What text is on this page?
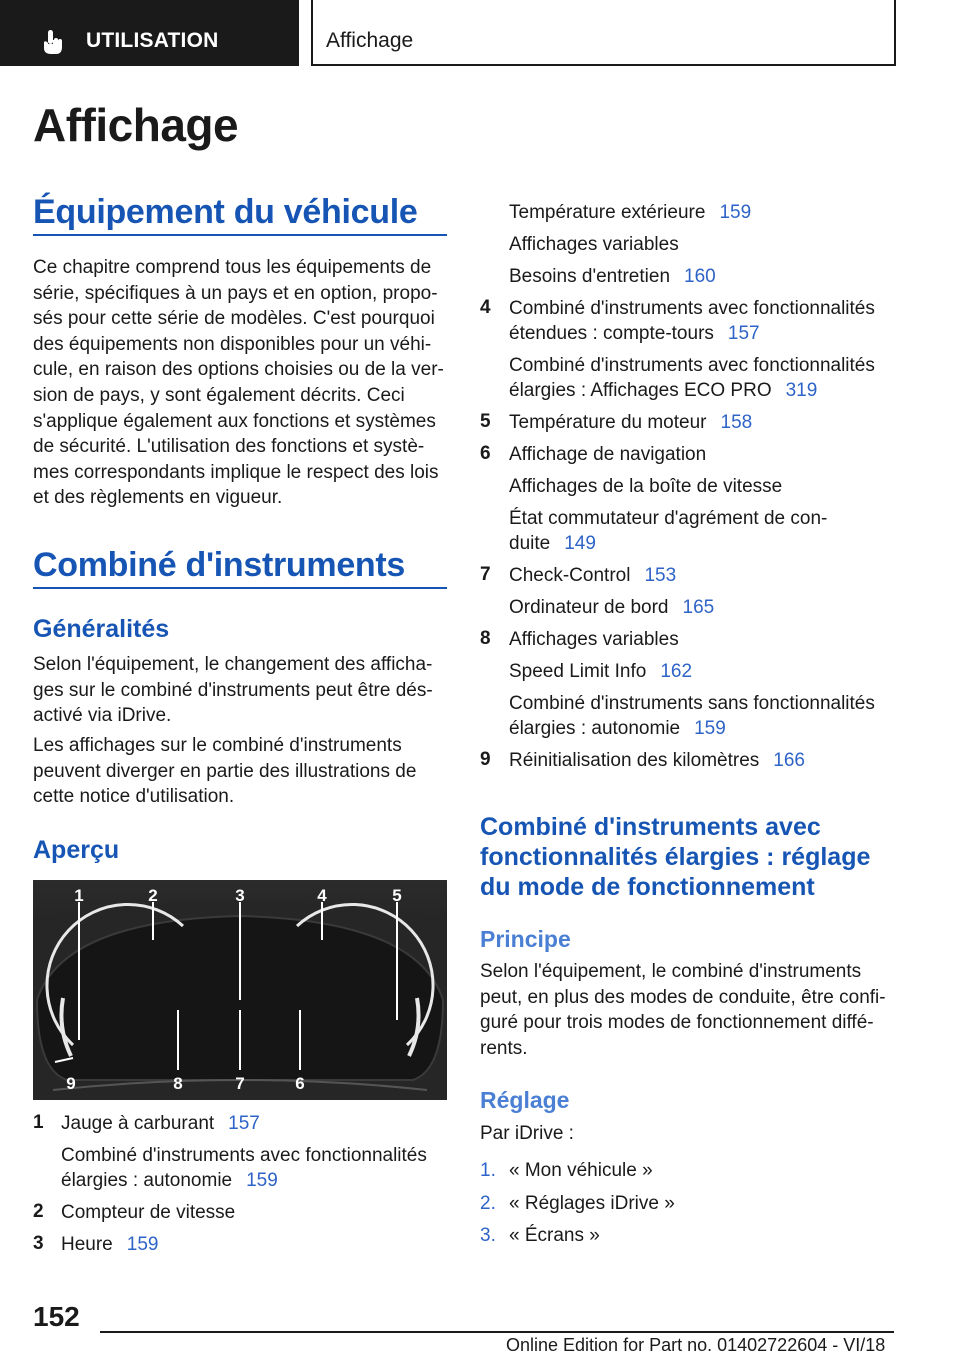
UTILISATION	Affichage
Affichage
Équipement du véhicule
Ce chapitre comprend tous les équipements de
série, spécifiques à un pays et en option, propo-
sés pour cette série de modèles. C'est pourquoi
des équipements non disponibles pour un véhi-
cule, en raison des options choisies ou de la ver-
sion de pays, y sont également décrits. Ceci
s'applique également aux fonctions et systèmes
de sécurité. L'utilisation des fonctions et systè-
mes correspondants implique le respect des lois
et des règlements en vigueur.
Combiné d'instruments
Généralités
Selon l'équipement, le changement des afficha-
ges sur le combiné d'instruments peut être dés-
activé via iDrive.
Les affichages sur le combiné d'instruments
peuvent diverger en partie des illustrations de
cette notice d'utilisation.
Aperçu
1	2	3	4	5
9	8	7	6
1 Jauge à carburant 157
Combiné d'instruments avec fonctionnalités
élargies : autonomie 159
2 Compteur de vitesse
3 Heure 159
Température extérieure 159
Affichages variables
Besoins d'entretien 160
4 Combiné d'instruments avec fonctionnalités
étendues : compte-tours 157
Combiné d'instruments avec fonctionnalités
élargies : Affichages ECO PRO 319
5 Température du moteur 158
6 Affichage de navigation
Affichages de la boîte de vitesse
État commutateur d'agrément de con-
duite 149
7 Check-Control 153
Ordinateur de bord 165
8 Affichages variables
Speed Limit Info 162
Combiné d'instruments sans fonctionnalités
élargies : autonomie 159
9 Réinitialisation des kilomètres 166
Combiné d'instruments avec
fonctionnalités élargies : réglage
du mode de fonctionnement
Principe
Selon l'équipement, le combiné d'instruments
peut, en plus des modes de conduite, être confi-
guré pour trois modes de fonctionnement diffé-
rents.
Réglage
Par iDrive :
1. « Mon véhicule »
2. « Réglages iDrive »
3. « Écrans »
152
Online Edition for Part no. 01402722604 - VI/18
